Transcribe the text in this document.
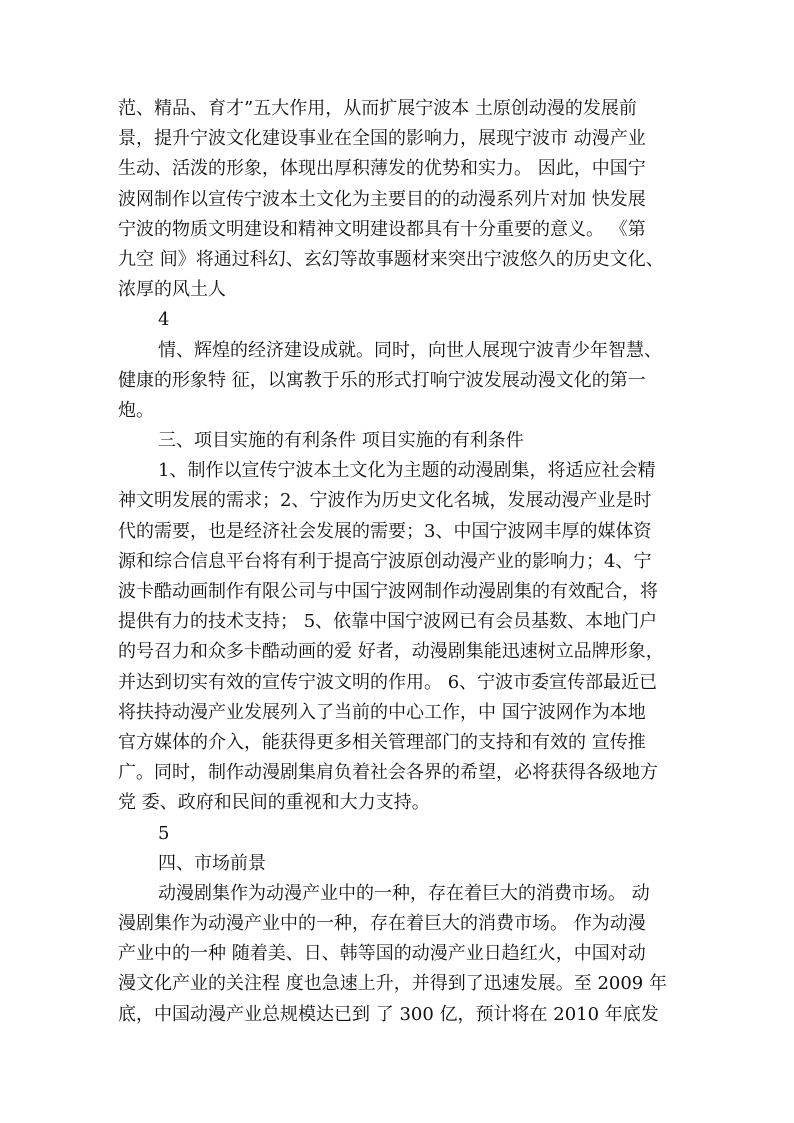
范、精品、育才”五大作用，从而扩展宁波本 土原创动漫的发展前
景，提升宁波文化建设事业在全国的影响力，展现宁波市 动漫产业
生动、活泼的形象，体现出厚积薄发的优势和实力。 因此，中国宁
波网制作以宣传宁波本土文化为主要目的的动漫系列片对加 快发展
宁波的物质文明建设和精神文明建设都具有十分重要的意义。 《第
九空 间》将通过科幻、玄幻等故事题材来突出宁波悠久的历史文化、
浓厚的风土人
4
情、辉煌的经济建设成就。同时，向世人展现宁波青少年智慧、
健康的形象特 征，以寓教于乐的形式打响宁波发展动漫文化的第一
炮。
三、项目实施的有利条件 项目实施的有利条件
1、制作以宣传宁波本土文化为主题的动漫剧集，将适应社会精
神文明发展的需求；2、宁波作为历史文化名城，发展动漫产业是时
代的需要，也是经济社会发展的需要；3、中国宁波网丰厚的媒体资
源和综合信息平台将有利于提高宁波原创动漫产业的影响力；4、宁
波卡酷动画制作有限公司与中国宁波网制作动漫剧集的有效配合，将
提供有力的技术支持； 5、依靠中国宁波网已有会员基数、本地门户
的号召力和众多卡酷动画的爱 好者，动漫剧集能迅速树立品牌形象，
并达到切实有效的宣传宁波文明的作用。 6、宁波市委宣传部最近已
将扶持动漫产业发展列入了当前的中心工作，中 国宁波网作为本地
官方媒体的介入，能获得更多相关管理部门的支持和有效的 宣传推
广。同时，制作动漫剧集肩负着社会各界的希望，必将获得各级地方
党 委、政府和民间的重视和大力支持。
5
四、市场前景
动漫剧集作为动漫产业中的一种，存在着巨大的消费市场。 动
漫剧集作为动漫产业中的一种，存在着巨大的消费市场。 作为动漫
产业中的一种 随着美、日、韩等国的动漫产业日趋红火，中国对动
漫文化产业的关注程 度也急速上升，并得到了迅速发展。至 2009 年
底，中国动漫产业总规模达已到 了 300 亿，预计将在 2010 年底发
